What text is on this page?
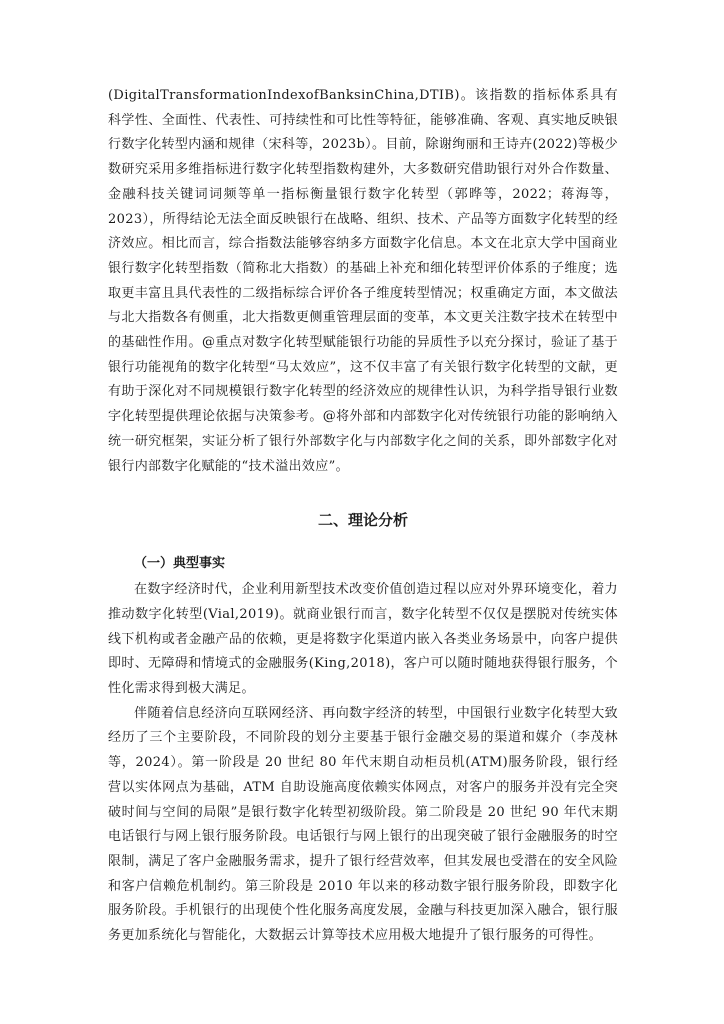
(DigitalTransformationIndexofBanksinChina,DTIB)。该指数的指标体系具有科学性、全面性、代表性、可持续性和可比性等特征，能够准确、客观、真实地反映银行数字化转型内涵和规律（宋科等，2023b）。目前，除谢绚丽和王诗卉(2022)等极少数研究采用多维指标进行数字化转型指数构建外，大多数研究借助银行对外合作数量、金融科技关键词词频等单一指标衡量银行数字化转型（郭晔等，2022；蒋海等，2023），所得结论无法全面反映银行在战略、组织、技术、产品等方面数字化转型的经济效应。相比而言，综合指数法能够容纳多方面数字化信息。本文在北京大学中国商业银行数字化转型指数（简称北大指数）的基础上补充和细化转型评价体系的子维度；选取更丰富且具代表性的二级指标综合评价各子维度转型情况；权重确定方面，本文做法与北大指数各有侧重，北大指数更侧重管理层面的变革，本文更关注数字技术在转型中的基础性作用。@重点对数字化转型赋能银行功能的异质性予以充分探讨，验证了基于银行功能视角的数字化转型“马太效应”，这不仅丰富了有关银行数字化转型的文献，更有助于深化对不同规模银行数字化转型的经济效应的规律性认识，为科学指导银行业数字化转型提供理论依据与决策参考。@将外部和内部数字化对传统银行功能的影响纳入统一研究框架，实证分析了银行外部数字化与内部数字化之间的关系，即外部数字化对银行内部数字化赋能的“技术溢出效应”。

二、理论分析
（一）典型事实

在数字经济时代，企业利用新型技术改变价值创造过程以应对外界环境变化，着力推动数字化转型(Vial,2019)。就商业银行而言，数字化转型不仅仅是摆脱对传统实体线下机构或者金融产品的依赖，更是将数字化渠道内嵌入各类业务场景中，向客户提供即时、无障碍和情境式的金融服务(King,2018)，客户可以随时随地获得银行服务，个性化需求得到极大满足。

伴随着信息经济向互联网经济、再向数字经济的转型，中国银行业数字化转型大致经历了三个主要阶段，不同阶段的划分主要基于银行金融交易的渠道和媒介（李茂林等，2024）。第一阶段是 20 世纪 80 年代末期自动柜员机(ATM)服务阶段，银行经营以实体网点为基础，ATM 自助设施高度依赖实体网点，对客户的服务并没有完全突破时间与空间的局限”是银行数字化转型初级阶段。第二阶段是 20 世纪 90 年代末期电话银行与网上银行服务阶段。电话银行与网上银行的出现突破了银行金融服务的时空限制，满足了客户金融服务需求，提升了银行经营效率，但其发展也受潜在的安全风险和客户信赖危机制约。第三阶段是 2010 年以来的移动数字银行服务阶段，即数字化服务阶段。手机银行的出现使个性化服务高度发展，金融与科技更加深入融合，银行服务更加系统化与智能化，大数据云计算等技术应用极大地提升了银行服务的可得性。
